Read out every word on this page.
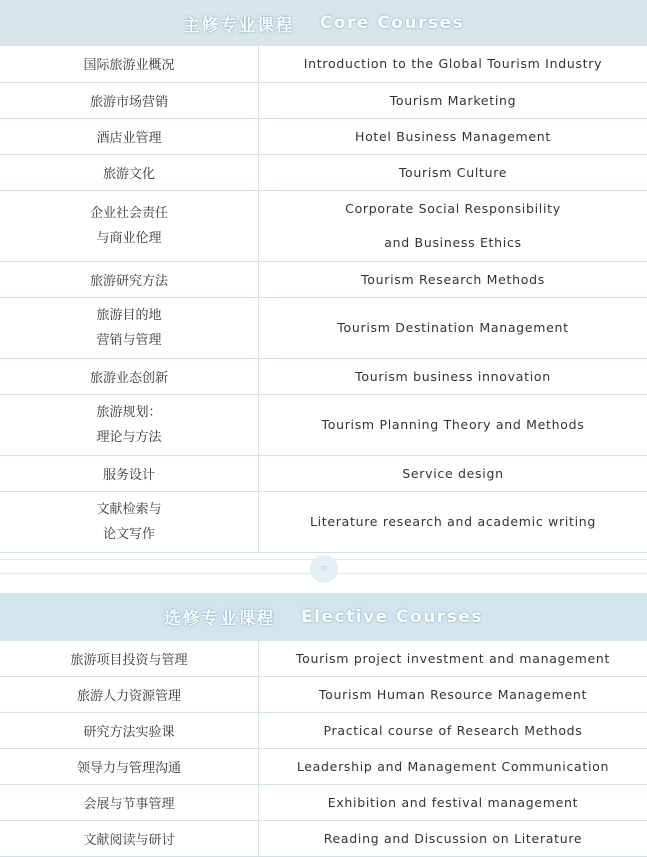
主修专业课程 Core Courses
国际旅游业概况	Introduction to the Global Tourism Industry

旅游市场营销	Tourism Marketing

酒店业管理	Hotel Business Management

旅游文化	Tourism Culture

企业社会责任
与商业伦理	Corporate Social Responsibility
and Business Ethics

旅游研究方法	Tourism Research Methods

旅游目的地
营销与管理	Tourism Destination Management

旅游业态创新	Tourism business innovation

旅游规划：
理论与方法	Tourism Planning Theory and Methods

服务设计	Service design

文献检索与
论文写作	Literature research and academic writing
≡
选修专业课程 Elective Courses
旅游项目投资与管理	Tourism project investment and management

旅游人力资源管理	Tourism Human Resource Management

研究方法实验课	Practical course of Research Methods

领导力与管理沟通	Leadership and Management Communication

会展与节事管理	Exhibition and festival management

文献阅读与研讨	Reading and Discussion on Literature
